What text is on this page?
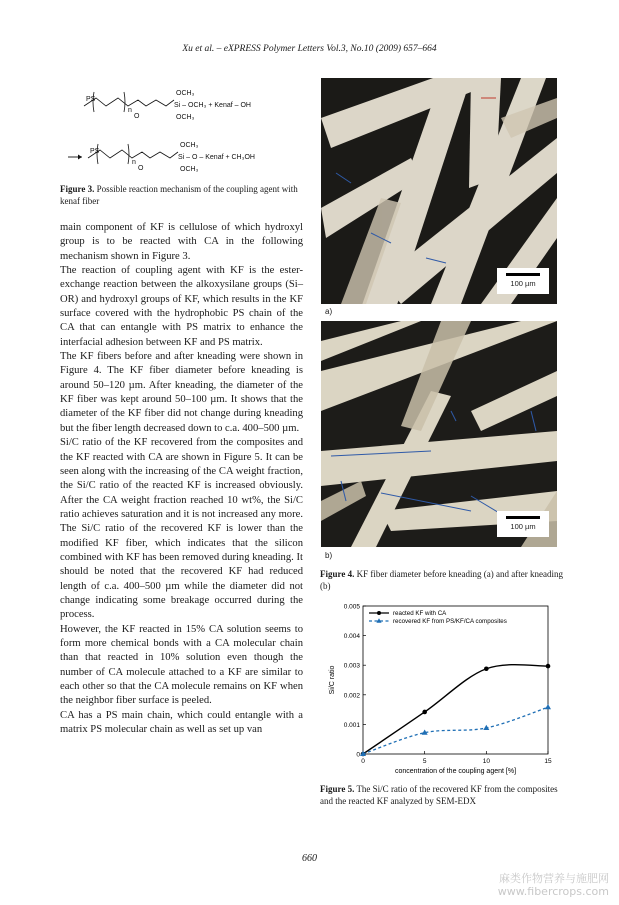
Xu et al. – eXPRESS Polymer Letters Vol.3, No.10 (2009) 657–664
PS
n
O
OCH₃
Si – OCH₃ + Kenaf – OH
OCH₃
PS
n
O
OCH₃
Si – O – Kenaf + CH₃OH
OCH₃
Figure 3. Possible reaction mechanism of the coupling agent with kenaf fiber

main component of KF is cellulose of which hydroxyl group is to be reacted with CA in the following mechanism shown in Figure 3.

The reaction of coupling agent with KF is the ester-exchange reaction between the alkoxysilane groups (Si–OR) and hydroxyl groups of KF, which results in the KF surface covered with the hydrophobic PS chain of the CA that can entangle with PS matrix to enhance the interfacial adhesion between KF and PS matrix.

The KF fibers before and after kneading were shown in Figure 4. The KF fiber diameter before kneading is around 50–120 µm. After kneading, the diameter of the KF fiber was kept around 50–100 µm. It shows that the diameter of the KF fiber did not change during kneading but the fiber length decreased down to c.a. 400–500 µm.

Si/C ratio of the KF recovered from the composites and the KF reacted with CA are shown in Figure 5. It can be seen along with the increasing of the CA weight fraction, the Si/C ratio of the reacted KF is increased obviously. After the CA weight fraction reached 10 wt%, the Si/C ratio achieves saturation and it is not increased any more.

The Si/C ratio of the recovered KF is lower than the modified KF fiber, which indicates that the silicon combined with KF has been removed during kneading. It should be noted that the recovered KF had reduced length of c.a. 400–500 µm while the diameter did not change indicating some breakage occurred during the process.

However, the KF reacted in 15% CA solution seems to form more chemical bonds with a CA molecular chain than that reacted in 10% solution even though the number of CA molecule attached to a KF are similar to each other so that the CA molecule remains on KF when the neighbor fiber surface is peeled.

CA has a PS main chain, which could entangle with a matrix PS molecular chain as well as set up van

100 µm
a)
100 µm
b)
Figure 4. KF fiber diameter before kneading (a) and after kneading (b)
0
0.001
0.002
0.003
0.004
0.005
0	5	10	15
reacted KF with CA
recovered KF from PS/KF/CA composites
Si/C ratio
concentration of the coupling agent [%]
Figure 5. The Si/C ratio of the recovered KF from the composites and the reacted KF analyzed by SEM-EDX
660
麻类作物营养与施肥网
www.fibercrops.com
